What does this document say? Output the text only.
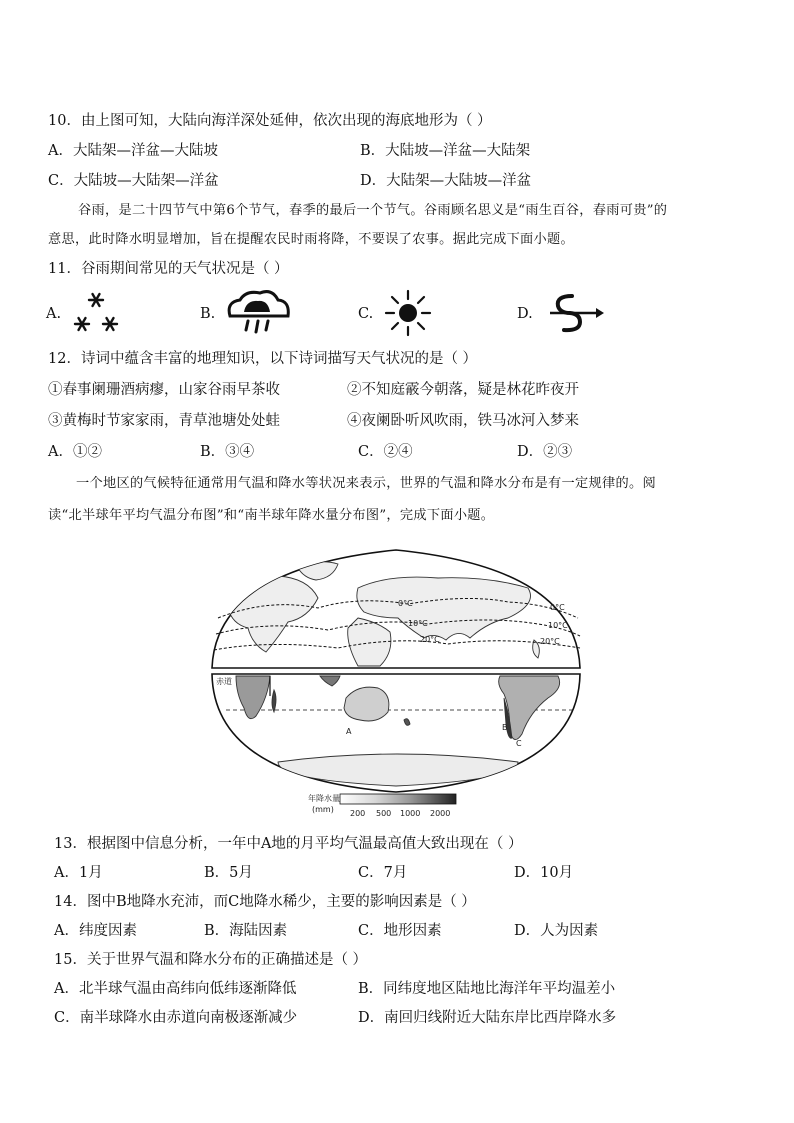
10．由上图可知，大陆向海洋深处延伸，依次出现的海底地形为（ ）
A．大陆架—洋盆—大陆坡	B．大陆坡—洋盆—大陆架
C．大陆坡—大陆架—洋盆	D．大陆架—大陆坡—洋盆
谷雨，是二十四节气中第6个节气，春季的最后一个节气。谷雨顾名思义是“雨生百谷，春雨可贵”的
意思，此时降水明显增加，旨在提醒农民时雨将降，不要误了农事。据此完成下面小题。
11．谷雨期间常见的天气状况是（ ）
A.	B.	C.	D.
12．诗词中蕴含丰富的地理知识，以下诗词描写天气状况的是（ ）
①春事阑珊酒病瘳，山家谷雨早茶收	②不知庭霰今朝落，疑是林花昨夜开
③黄梅时节家家雨，青草池塘处处蛙	④夜阑卧听风吹雨，铁马冰河入梦来
A．①②	B．③④	C．②④	D．②③
一个地区的气候特征通常用气温和降水等状况来表示，世界的气温和降水分布是有一定规律的。阅
读“北半球年平均气温分布图”和“南半球年降水量分布图”，完成下面小题。
0°C
10°C
20°C	20°C
10°C
0°C
赤道
A	B
C
年降水量
(mm) 200 500 1000 2000
13．根据图中信息分析，一年中A地的月平均气温最高值大致出现在（ ）
A．1月	B．5月	C．7月	D．10月
14．图中B地降水充沛，而C地降水稀少，主要的影响因素是（ ）
A．纬度因素	B．海陆因素	C．地形因素	D．人为因素
15．关于世界气温和降水分布的正确描述是（ ）
A．北半球气温由高纬向低纬逐渐降低	B．同纬度地区陆地比海洋年平均温差小
C．南半球降水由赤道向南极逐渐减少	D．南回归线附近大陆东岸比西岸降水多
